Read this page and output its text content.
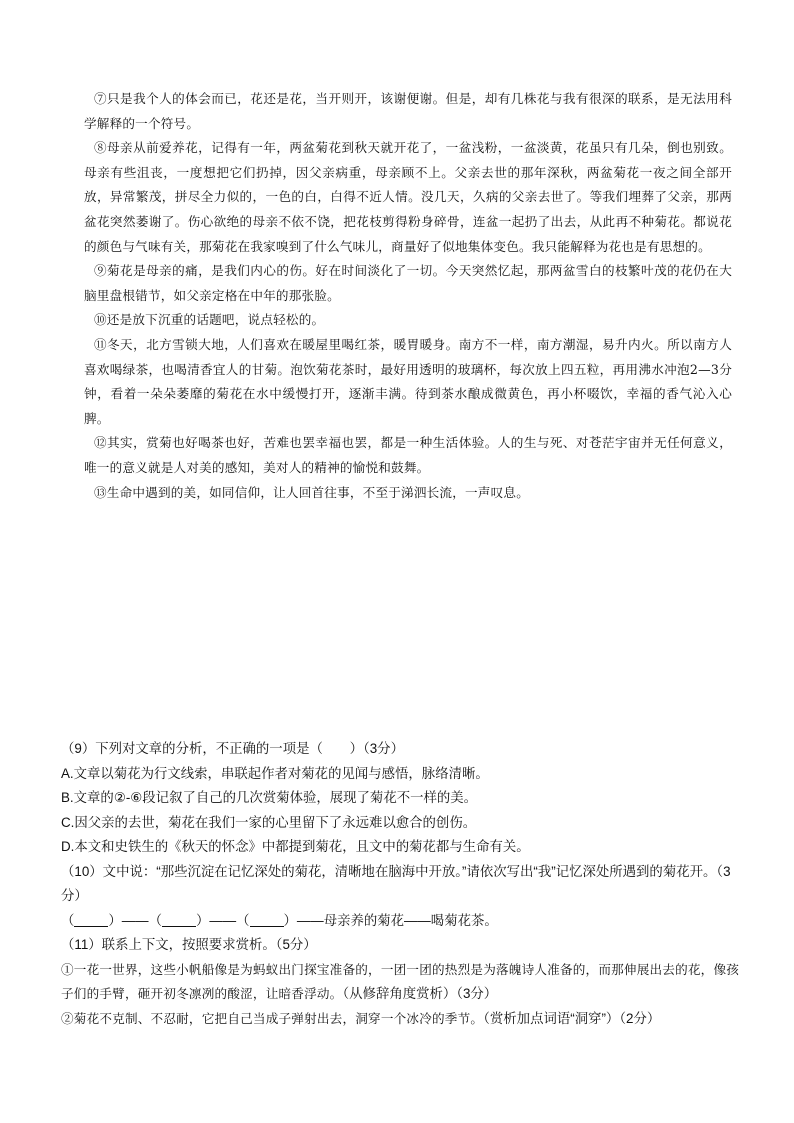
⑦只是我个人的体会而已，花还是花，当开则开，该谢便谢。但是，却有几株花与我有很深的联系，是无法用科学解释的一个符号。

⑧母亲从前爱养花，记得有一年，两盆菊花到秋天就开花了，一盆浅粉，一盆淡黄，花虽只有几朵，倒也别致。母亲有些沮丧，一度想把它们扔掉，因父亲病重，母亲顾不上。父亲去世的那年深秋，两盆菊花一夜之间全部开放，异常繁茂，拼尽全力似的，一色的白，白得不近人情。没几天，久病的父亲去世了。等我们埋葬了父亲，那两盆花突然萎谢了。伤心欲绝的母亲不依不饶，把花枝剪得粉身碎骨，连盆一起扔了出去，从此再不种菊花。都说花的颜色与气味有关，那菊花在我家嗅到了什么气味儿，商量好了似地集体变色。我只能解释为花也是有思想的。

⑨菊花是母亲的痛，是我们内心的伤。好在时间淡化了一切。今天突然忆起，那两盆雪白的枝繁叶茂的花仍在大脑里盘根错节，如父亲定格在中年的那张脸。

⑩还是放下沉重的话题吧，说点轻松的。

⑪冬天，北方雪锁大地，人们喜欢在暖屋里喝红茶，暖胃暖身。南方不一样，南方潮湿，易升内火。所以南方人喜欢喝绿茶，也喝清香宜人的甘菊。泡饮菊花茶时，最好用透明的玻璃杯，每次放上四五粒，再用沸水冲泡2—3分钟，看着一朵朵萎靡的菊花在水中缓慢打开，逐渐丰满。待到茶水酿成微黄色，再小杯啜饮，幸福的香气沁入心脾。

⑫其实，赏菊也好喝茶也好，苦难也罢幸福也罢，都是一种生活体验。人的生与死、对苍茫宇宙并无任何意义，唯一的意义就是人对美的感知，美对人的精神的愉悦和鼓舞。

⑬生命中遇到的美，如同信仰，让人回首往事，不至于涕泗长流，一声叹息。

（9）下列对文章的分析，不正确的一项是（　　）（3分）

A.文章以菊花为行文线索，串联起作者对菊花的见闻与感悟，脉络清晰。

B.文章的②-⑥段记叙了自己的几次赏菊体验，展现了菊花不一样的美。

C.因父亲的去世，菊花在我们一家的心里留下了永远难以愈合的创伤。

D.本文和史铁生的《秋天的怀念》中都提到菊花，且文中的菊花都与生命有关。

（10）文中说：“那些沉淀在记忆深处的菊花，清晰地在脑海中开放。”请依次写出“我”记忆深处所遇到的菊花开。（3分）

（	）——（	）——（	）——母亲养的菊花——喝菊花茶。

（11）联系上下文，按照要求赏析。（5分）

①一花一世界，这些小帆船像是为蚂蚁出门探宝准备的，一团一团的热烈是为落魄诗人准备的，而那伸展出去的花，像孩子们的手臂，砸开初冬凛冽的酸涩，让暗香浮动。（从修辞角度赏析）（3分）

②菊花不克制、不忍耐，它把自己当成子弹射出去，洞穿一个冰冷的季节。（赏析加点词语“洞穿”）（2分）
